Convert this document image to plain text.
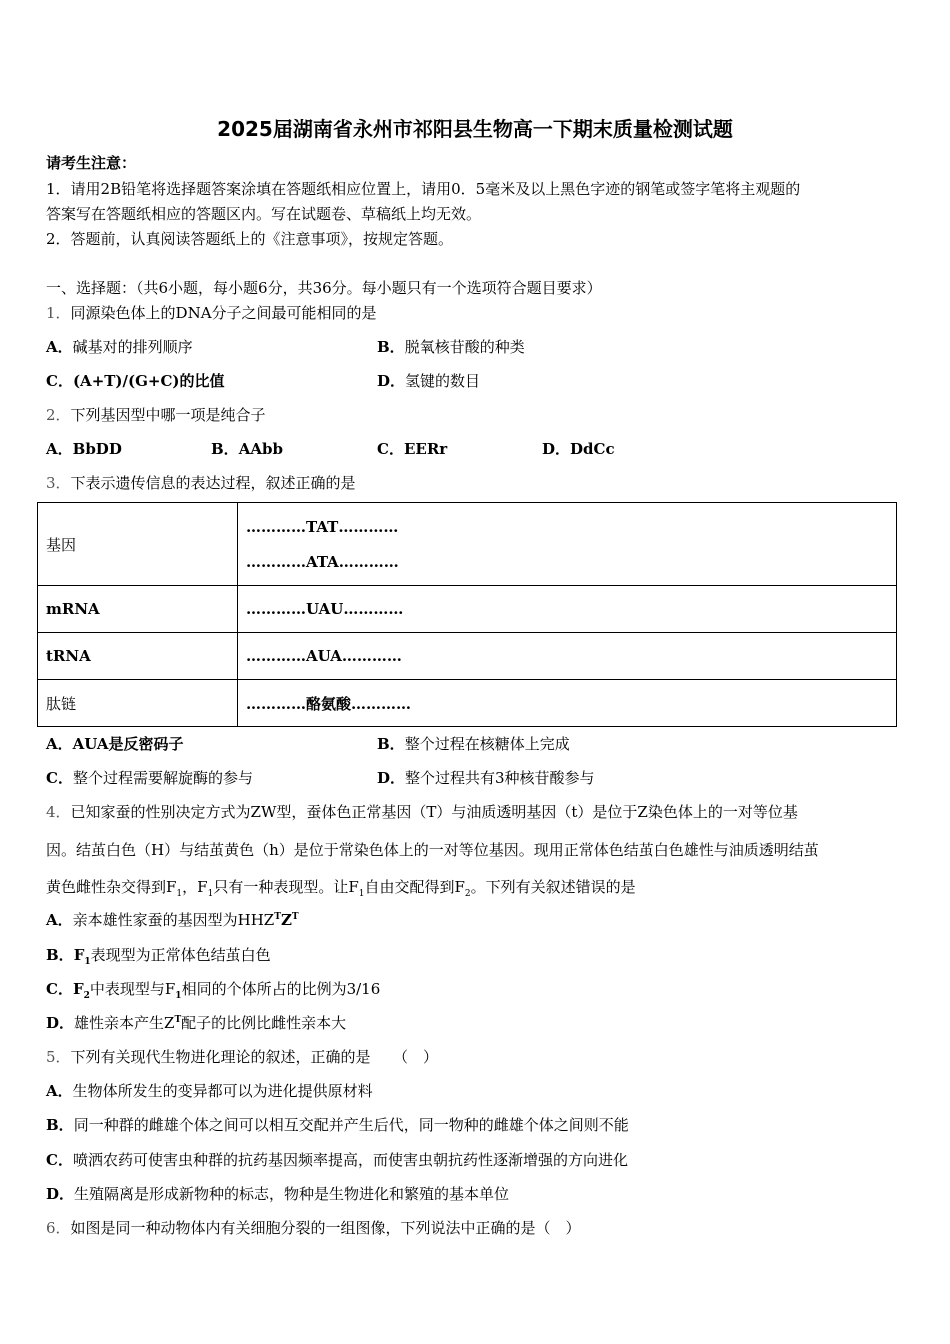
2025届湖南省永州市祁阳县生物高一下期末质量检测试题
请考生注意：
1．请用2B铅笔将选择题答案涂填在答题纸相应位置上，请用0．5毫米及以上黑色字迹的钢笔或签字笔将主观题的
答案写在答题纸相应的答题区内。写在试题卷、草稿纸上均无效。
2．答题前，认真阅读答题纸上的《注意事项》，按规定答题。
一、选择题：（共6小题，每小题6分，共36分。每小题只有一个选项符合题目要求）
1．同源染色体上的DNA分子之间最可能相同的是
A．碱基对的排列顺序	B．脱氧核苷酸的种类
C．(A+T)/(G+C)的比值	D．氢键的数目
2．下列基因型中哪一项是纯合子
A．BbDD	B．AAbb	C．EERr	D．DdCc
3．下表示遗传信息的表达过程，叙述正确的是
基因	…………TAT…………
…………ATA…………

mRNA	…………UAU…………
tRNA	…………AUA…………
肽链	…………酪氨酸…………
A．AUA是反密码子	B．整个过程在核糖体上完成
C．整个过程需要解旋酶的参与	D．整个过程共有3种核苷酸参与
4．已知家蚕的性别决定方式为ZW型，蚕体色正常基因（T）与油质透明基因（t）是位于Z染色体上的一对等位基
因。结茧白色（H）与结茧黄色（h）是位于常染色体上的一对等位基因。现用正常体色结茧白色雄性与油质透明结茧
黄色雌性杂交得到$F_1$，$F_1$只有一种表现型。让$F_1$自由交配得到$F_2$。下列有关叙述错误的是
A．亲本雄性家蚕的基因型为$HHZ^TZ^T$
B．$F_1$表现型为正常体色结茧白色
C．$F_2$中表现型与$F_1$相同的个体所占的比例为3/16
D．雄性亲本产生$Z^T$配子的比例比雌性亲本大
5．下列有关现代生物进化理论的叙述，正确的是　　（　）
A．生物体所发生的变异都可以为进化提供原材料
B．同一种群的雌雄个体之间可以相互交配并产生后代，同一物种的雌雄个体之间则不能
C．喷洒农药可使害虫种群的抗药基因频率提高，而使害虫朝抗药性逐渐增强的方向进化
D．生殖隔离是形成新物种的标志，物种是生物进化和繁殖的基本单位
6．如图是同一种动物体内有关细胞分裂的一组图像，下列说法中正确的是（　）
